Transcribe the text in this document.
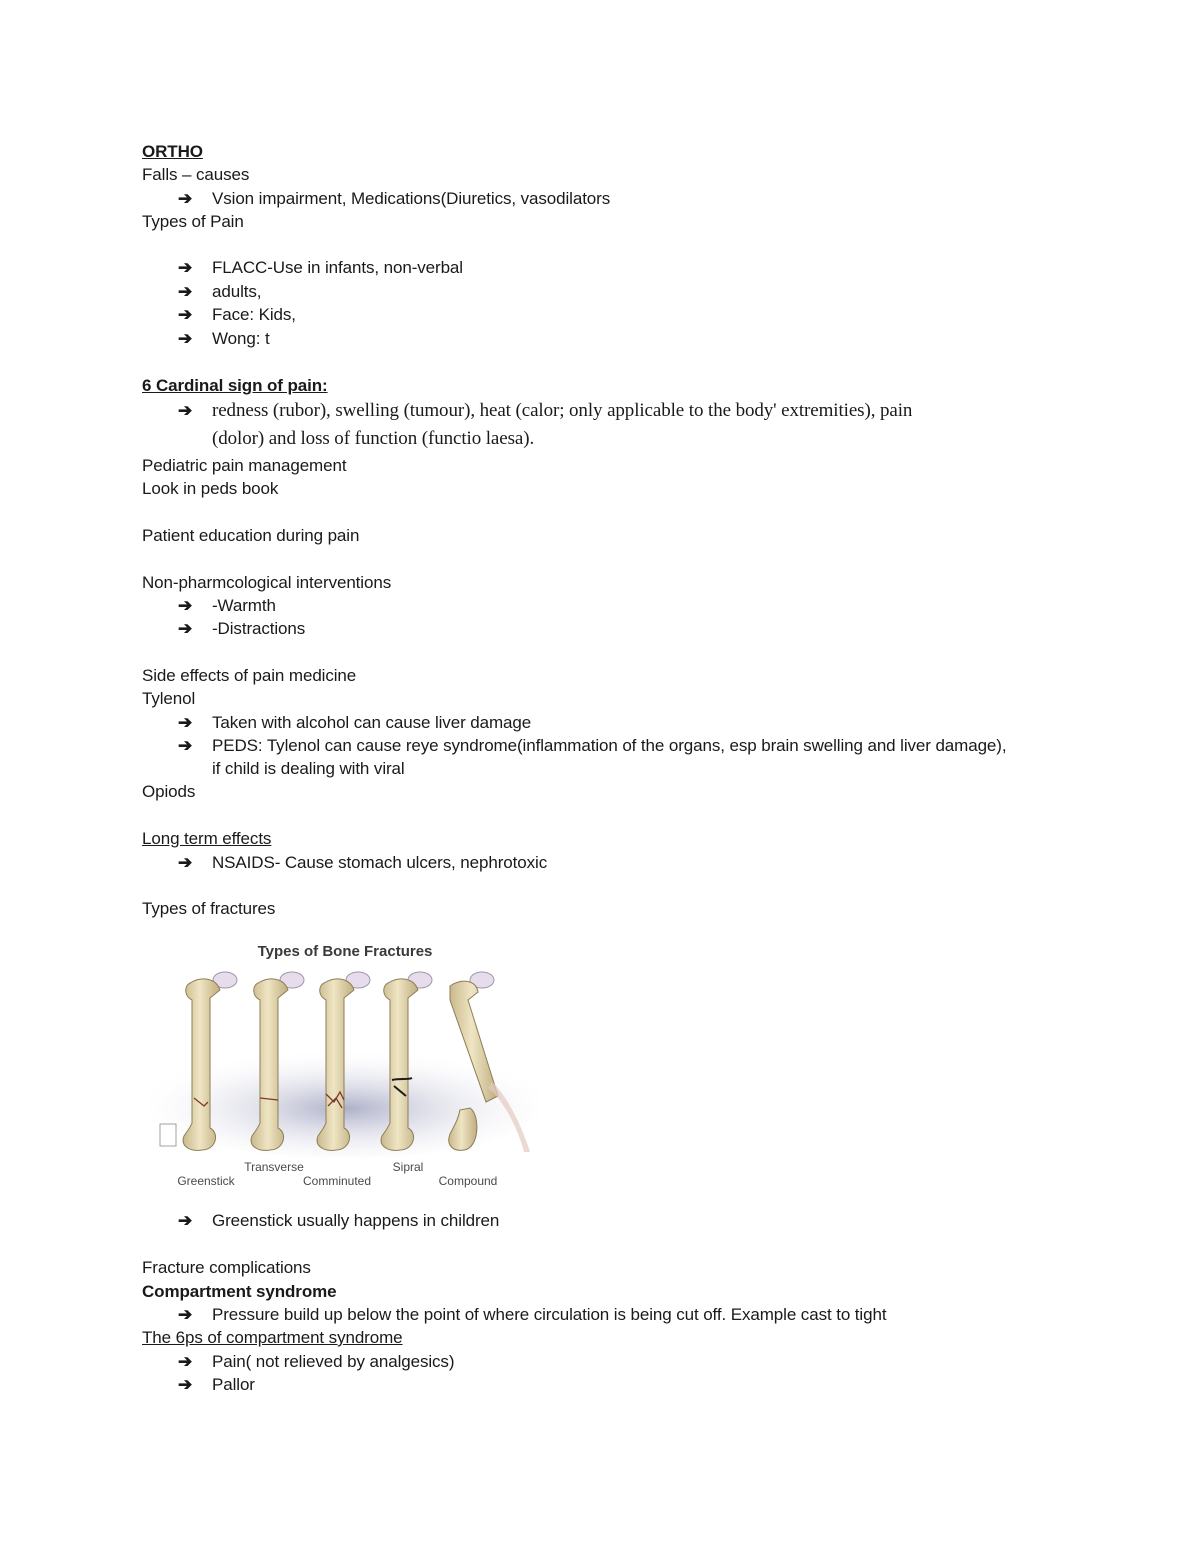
ORTHO
Falls – causes
➔ Vsion impairment, Medications(Diuretics, vasodilators
Types of Pain
➔ FLACC-Use in infants, non-verbal
➔ adults,
➔ Face: Kids,
➔ Wong: t
6 Cardinal sign of pain:
➔ redness (rubor), swelling (tumour), heat (calor; only applicable to the body' extremities), pain
(dolor) and loss of function (functio laesa).
Pediatric pain management
Look in peds book
Patient education during pain
Non-pharmcological interventions
➔ -Warmth
➔ -Distractions
Side effects of pain medicine
Tylenol
➔ Taken with alcohol can cause liver damage
➔ PEDS: Tylenol can cause reye syndrome(inflammation of the organs, esp brain swelling and liver damage),
if child is dealing with viral
Opiods
Long term effects
➔ NSAIDS- Cause stomach ulcers, nephrotoxic
Types of fractures
Types of Bone Fractures
Transverse	Sipral
Greenstick	Comminuted	Compound
➔ Greenstick usually happens in children
Fracture complications
Compartment syndrome
➔ Pressure build up below the point of where circulation is being cut off. Example cast to tight
The 6ps of compartment syndrome
➔ Pain( not relieved by analgesics)
➔ Pallor
